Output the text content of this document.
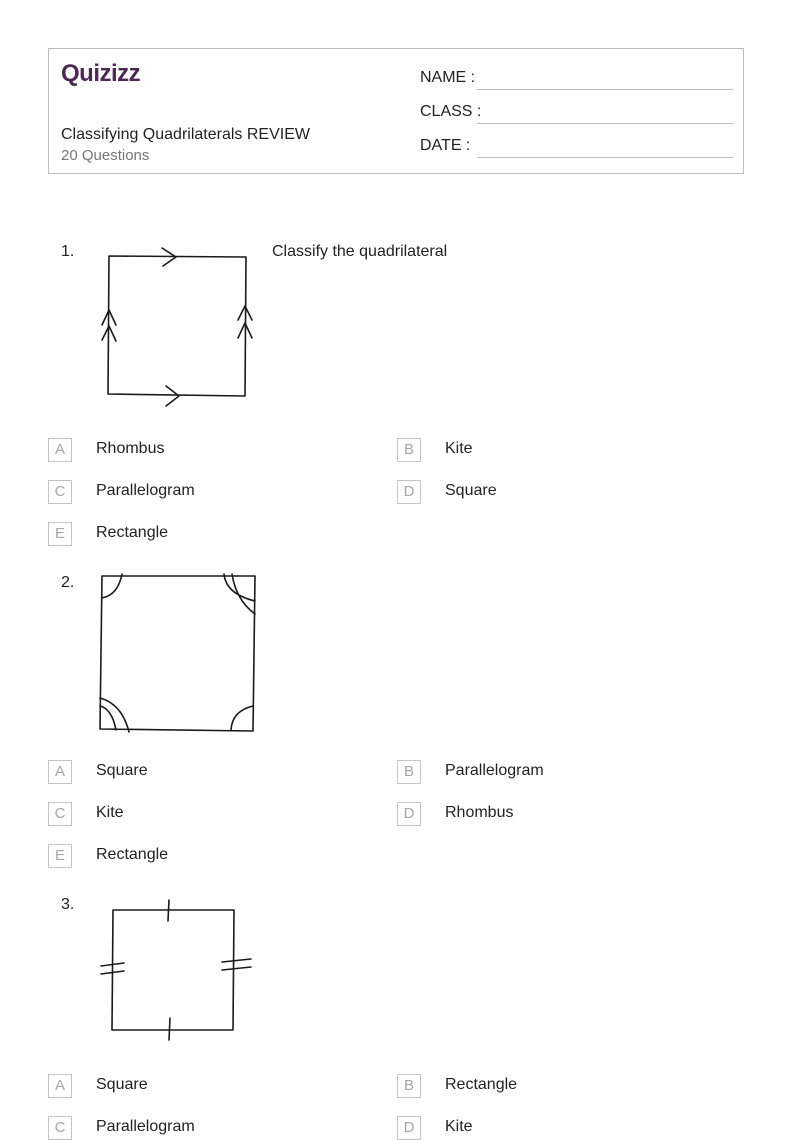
Quizizz
Classifying Quadrilaterals REVIEW
20 Questions
NAME :
CLASS :
DATE :
1.	Classify the quadrilateral
A	Rhombus	B	Kite
C	Parallelogram	D	Square
E	Rectangle
2.
A	Square	B	Parallelogram
C	Kite	D	Rhombus
E	Rectangle
3.
A	Square	B	Rectangle
C	Parallelogram	D	Kite
